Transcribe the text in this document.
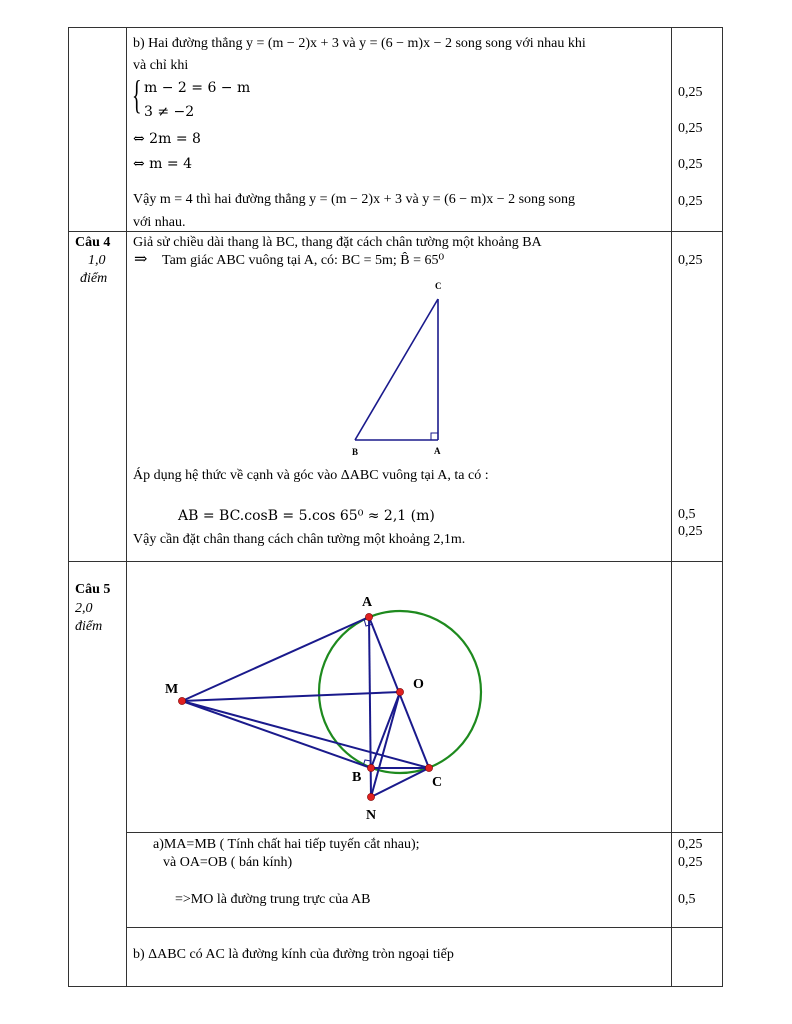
b) Hai đường thẳng y = (m − 2)x + 3 và y = (6 − m)x − 2 song song với nhau khi
và chỉ khi
{ m − 2 = 6 − m
3 ≠ −2
⇔ 2m = 8
⇔ m = 4
Vậy m = 4 thì hai đường thẳng y = (m − 2)x + 3 và y = (6 − m)x − 2 song song
với nhau.
0,25
0,25
0,25
0,25
Câu 4
1,0
điểm
Giả sử chiều dài thang là BC, thang đặt cách chân tường một khoảng BA
⇒ Tam giác ABC vuông tại A, có: BC = 5m; B̂ = 65⁰
C
B	A
Áp dụng hệ thức về cạnh và góc vào ΔABC vuông tại A, ta có :
AB = BC.cosB = 5.cos 65⁰ ≈ 2,1 (m)
Vậy cần đặt chân thang cách chân tường một khoảng 2,1m.
0,25
0,5
0,25
Câu 5
2,0
điểm
A
O
M
B	C
N
a)MA=MB ( Tính chất hai tiếp tuyến cắt nhau);
và OA=OB ( bán kính)
=>MO là đường trung trực của AB
0,25
0,25
0,5
b) ΔABC có AC là đường kính của đường tròn ngoại tiếp
